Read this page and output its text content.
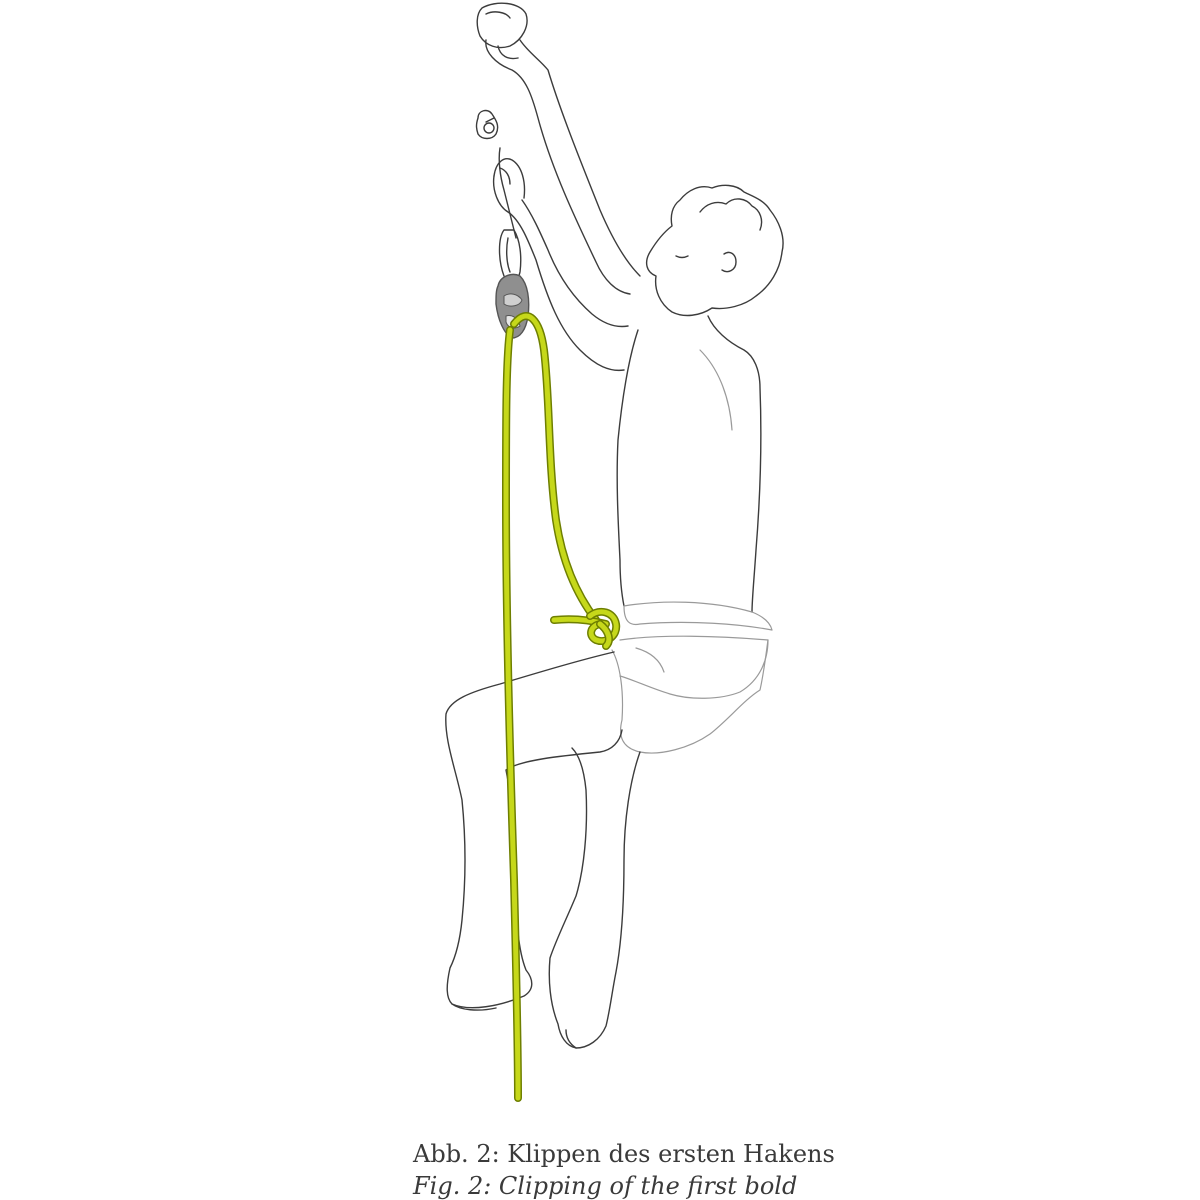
Abb. 2: Klippen des ersten Hakens
Fig. 2: Clipping of the first bold
